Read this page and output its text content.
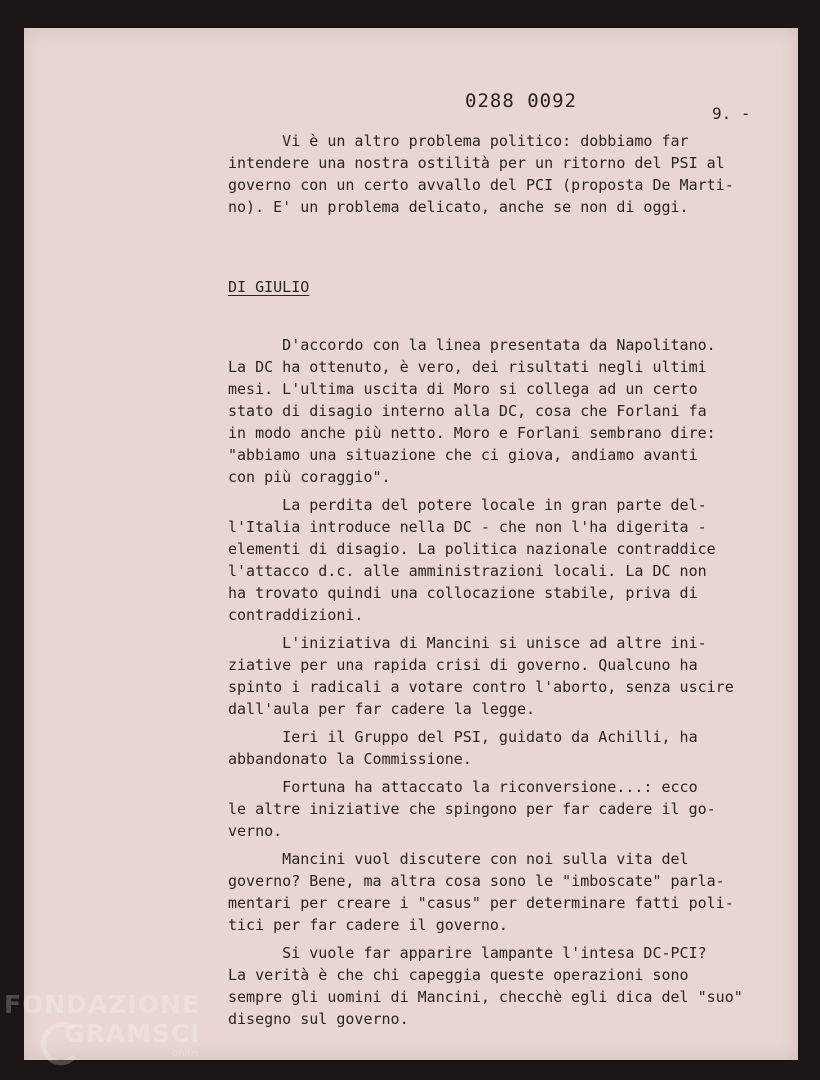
0288 0092
9. -
Vi è un altro problema politico: dobbiamo far
intendere una nostra ostilità per un ritorno del PSI al
governo con un certo avvallo del PCI (proposta De Marti-
no). E' un problema delicato, anche se non di oggi.
DI GIULIO
D'accordo con la linea presentata da Napolitano.
La DC ha ottenuto, è vero, dei risultati negli ultimi
mesi. L'ultima uscita di Moro si collega ad un certo
stato di disagio interno alla DC, cosa che Forlani fa
in modo anche più netto. Moro e Forlani sembrano dire:
"abbiamo una situazione che ci giova, andiamo avanti
con più coraggio".
La perdita del potere locale in gran parte del-
l'Italia introduce nella DC - che non l'ha digerita -
elementi di disagio. La politica nazionale contraddice
l'attacco d.c. alle amministrazioni locali. La DC non
ha trovato quindi una collocazione stabile, priva di
contraddizioni.
L'iniziativa di Mancini si unisce ad altre ini-
ziative per una rapida crisi di governo. Qualcuno ha
spinto i radicali a votare contro l'aborto, senza uscire
dall'aula per far cadere la legge.
Ieri il Gruppo del PSI, guidato da Achilli, ha
abbandonato la Commissione.
Fortuna ha attaccato la riconversione...: ecco
le altre iniziative che spingono per far cadere il go-
verno.
Mancini vuol discutere con noi sulla vita del
governo? Bene, ma altra cosa sono le "imboscate" parla-
mentari per creare i "casus" per determinare fatti poli-
tici per far cadere il governo.
Si vuole far apparire lampante l'intesa DC-PCI?
La verità è che chi capeggia queste operazioni sono
sempre gli uomini di Mancini, checchè egli dica del "suo"
disegno sul governo.
FONDAZIONE
GRAMSCI
onlus
